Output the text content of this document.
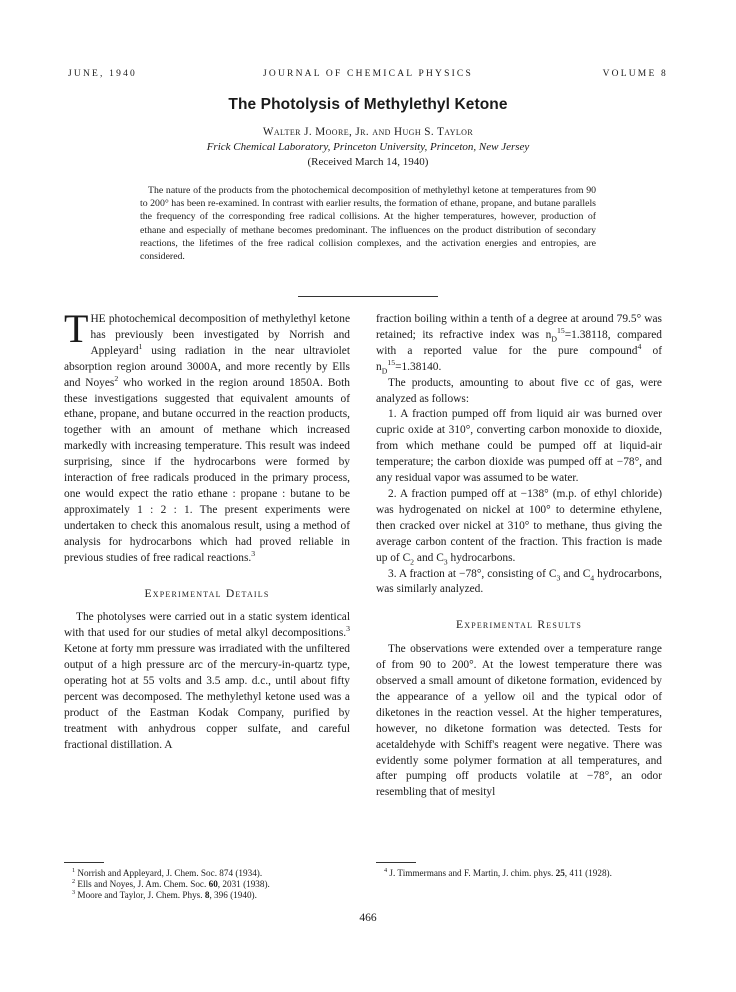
JUNE, 1940	JOURNAL OF CHEMICAL PHYSICS	VOLUME 8
The Photolysis of Methylethyl Ketone
Walter J. Moore, Jr. and Hugh S. Taylor
Frick Chemical Laboratory, Princeton University, Princeton, New Jersey
(Received March 14, 1940)

The nature of the products from the photochemical decomposition of methylethyl ketone at temperatures from 90 to 200° has been re-examined. In contrast with earlier results, the formation of ethane, propane, and butane parallels the frequency of the corresponding free radical collisions. At the higher temperatures, however, production of ethane and especially of methane becomes predominant. The influences on the product distribution of secondary reactions, the lifetimes of the free radical collision complexes, and the activation energies and entropies, are considered.

THE photochemical decomposition of methylethyl ketone has previously been investigated by Norrish and Appleyard$^1$ using radiation in the near ultraviolet absorption region around 3000A, and more recently by Ells and Noyes$^2$ who worked in the region around 1850A. Both these investigations suggested that equivalent amounts of ethane, propane, and butane occurred in the reaction products, together with an amount of methane which increased markedly with increasing temperature. This result was indeed surprising, since if the hydrocarbons were formed by interaction of free radicals produced in the primary process, one would expect the ratio ethane : propane : butane to be approximately 1 : 2 : 1. The present experiments were undertaken to check this anomalous result, using a method of analysis for hydrocarbons which had proved reliable in previous studies of free radical reactions.$^3$

Experimental Details

The photolyses were carried out in a static system identical with that used for our studies of metal alkyl decompositions.$^3$ Ketone at forty mm pressure was irradiated with the unfiltered output of a high pressure arc of the mercury-in-quartz type, operating hot at 55 volts and 3.5 amp. d.c., until about fifty percent was decomposed. The methylethyl ketone used was a product of the Eastman Kodak Company, purified by treatment with anhydrous copper sulfate, and careful fractional distillation. A

fraction boiling within a tenth of a degree at around 79.5° was retained; its refractive index was $n_D^{15}=1.38118$, compared with a reported value for the pure compound$^4$ of $n_D^{15}=1.38140$.

The products, amounting to about five cc of gas, were analyzed as follows:

1. A fraction pumped off from liquid air was burned over cupric oxide at 310°, converting carbon monoxide to dioxide, from which methane could be pumped off at liquid-air temperature; the carbon dioxide was pumped off at −78°, and any residual vapor was assumed to be water.

2. A fraction pumped off at −138° (m.p. of ethyl chloride) was hydrogenated on nickel at 100° to determine ethylene, then cracked over nickel at 310° to methane, thus giving the average carbon content of the fraction. This fraction is made up of $C_2$ and $C_3$ hydrocarbons.

3. A fraction at −78°, consisting of $C_3$ and $C_4$ hydrocarbons, was similarly analyzed.

Experimental Results

The observations were extended over a temperature range of from 90 to 200°. At the lowest temperature there was observed a small amount of diketone formation, evidenced by the appearance of a yellow oil and the typical odor of diketones in the reaction vessel. At the higher temperatures, however, no diketone formation was detected. Tests for acetaldehyde with Schiff's reagent were negative. There was evidently some polymer formation at all temperatures, and after pumping off products volatile at −78°, an odor resembling that of mesityl

$^1$ Norrish and Appleyard, J. Chem. Soc. 874 (1934).

$^2$ Ells and Noyes, J. Am. Chem. Soc. 60, 2031 (1938).

$^3$ Moore and Taylor, J. Chem. Phys. 8, 396 (1940).

$^4$ J. Timmermans and F. Martin, J. chim. phys. 25, 411 (1928).

466
